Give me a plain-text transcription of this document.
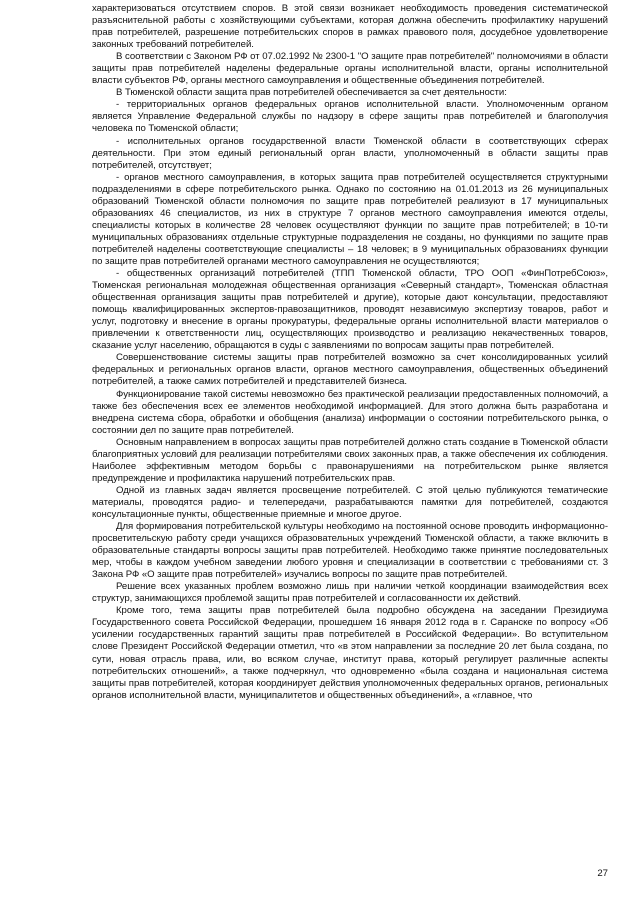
характеризоваться отсутствием споров. В этой связи возникает необходимость проведения систематической разъяснительной работы с хозяйствующими субъектами, которая должна обеспечить профилактику нарушений прав потребителей, разрешение потребительских споров в рамках правового поля, досудебное удовлетворение законных требований потребителей.

В соответствии с Законом РФ от 07.02.1992 № 2300-1 "О защите прав потребителей" полномочиями в области защиты прав потребителей наделены федеральные органы исполнительной власти, органы исполнительной власти субъектов РФ, органы местного самоуправления и общественные объединения потребителей.

В Тюменской области защита прав потребителей обеспечивается за счет деятельности:

- территориальных органов федеральных органов исполнительной власти. Уполномоченным органом является Управление Федеральной службы по надзору в сфере защиты прав потребителей и благополучия человека по Тюменской области;

- исполнительных органов государственной власти Тюменской области в соответствующих сферах деятельности. При этом единый региональный орган власти, уполномоченный в области защиты прав потребителей, отсутствует;

- органов местного самоуправления, в которых защита прав потребителей осуществляется структурными подразделениями в сфере потребительского рынка. Однако по состоянию на 01.01.2013 из 26 муниципальных образований Тюменской области полномочия по защите прав потребителей реализуют в 17 муниципальных образованиях 46 специалистов, из них в структуре 7 органов местного самоуправления имеются отделы, специалисты которых в количестве 28 человек осуществляют функции по защите прав потребителей; в 10-ти муниципальных образованиях отдельные структурные подразделения не созданы, но функциями по защите прав потребителей наделены соответствующие специалисты – 18 человек; в 9 муниципальных образованиях функции по защите прав потребителей органами местного самоуправления не осуществляются;

- общественных организаций потребителей (ТПП Тюменской области, ТРО ООП «ФинПотребСоюз», Тюменская региональная молодежная общественная организация «Северный стандарт», Тюменская областная общественная организация защиты прав потребителей и другие), которые дают консультации, предоставляют помощь квалифицированных экспертов-правозащитников, проводят независимую экспертизу товаров, работ и услуг, подготовку и внесение в органы прокуратуры, федеральные органы исполнительной власти материалов о привлечении к ответственности лиц, осуществляющих производство и реализацию некачественных товаров, сказание услуг населению, обращаются в суды с заявлениями по вопросам защиты прав потребителей.

Совершенствование системы защиты прав потребителей возможно за счет консолидированных усилий федеральных и региональных органов власти, органов местного самоуправления, общественных объединений потребителей, а также самих потребителей и представителей бизнеса.

Функционирование такой системы невозможно без практической реализации предоставленных полномочий, а также без обеспечения всех ее элементов необходимой информацией. Для этого должна быть разработана и внедрена система сбора, обработки и обобщения (анализа) информации о состоянии потребительского рынка, о состоянии дел по защите прав потребителей.

Основным направлением в вопросах защиты прав потребителей должно стать создание в Тюменской области благоприятных условий для реализации потребителями своих законных прав, а также обеспечения их соблюдения. Наиболее эффективным методом борьбы с правонарушениями на потребительском рынке является предупреждение и профилактика нарушений потребительских прав.

Одной из главных задач является просвещение потребителей. С этой целью публикуются тематические материалы, проводятся радио- и телепередачи, разрабатываются памятки для потребителей, создаются консультационные пункты, общественные приемные и многое другое.

Для формирования потребительской культуры необходимо на постоянной основе проводить информационно-просветительскую работу среди учащихся образовательных учреждений Тюменской области, а также включить в образовательные стандарты вопросы защиты прав потребителей. Необходимо также принятие последовательных мер, чтобы в каждом учебном заведении любого уровня и специализации в соответствии с требованиями ст. 3 Закона РФ «О защите прав потребителей» изучались вопросы по защите прав потребителей.

Решение всех указанных проблем возможно лишь при наличии четкой координации взаимодействия всех структур, занимающихся проблемой защиты прав потребителей и согласованности их действий.

Кроме того, тема защиты прав потребителей была подробно обсуждена на заседании Президиума Государственного совета Российской Федерации, прошедшем 16 января 2012 года в г. Саранске по вопросу «Об усилении государственных гарантий защиты прав потребителей в Российской Федерации». Во вступительном слове Президент Российской Федерации отметил, что «в этом направлении за последние 20 лет была создана, по сути, новая отрасль права, или, во всяком случае, институт права, который регулирует различные аспекты потребительских отношений», а также подчеркнул, что одновременно «была создана и национальная система защиты прав потребителей, которая координирует действия уполномоченных федеральных органов, региональных органов исполнительной власти, муниципалитетов и общественных объединений», а «главное, что

27
